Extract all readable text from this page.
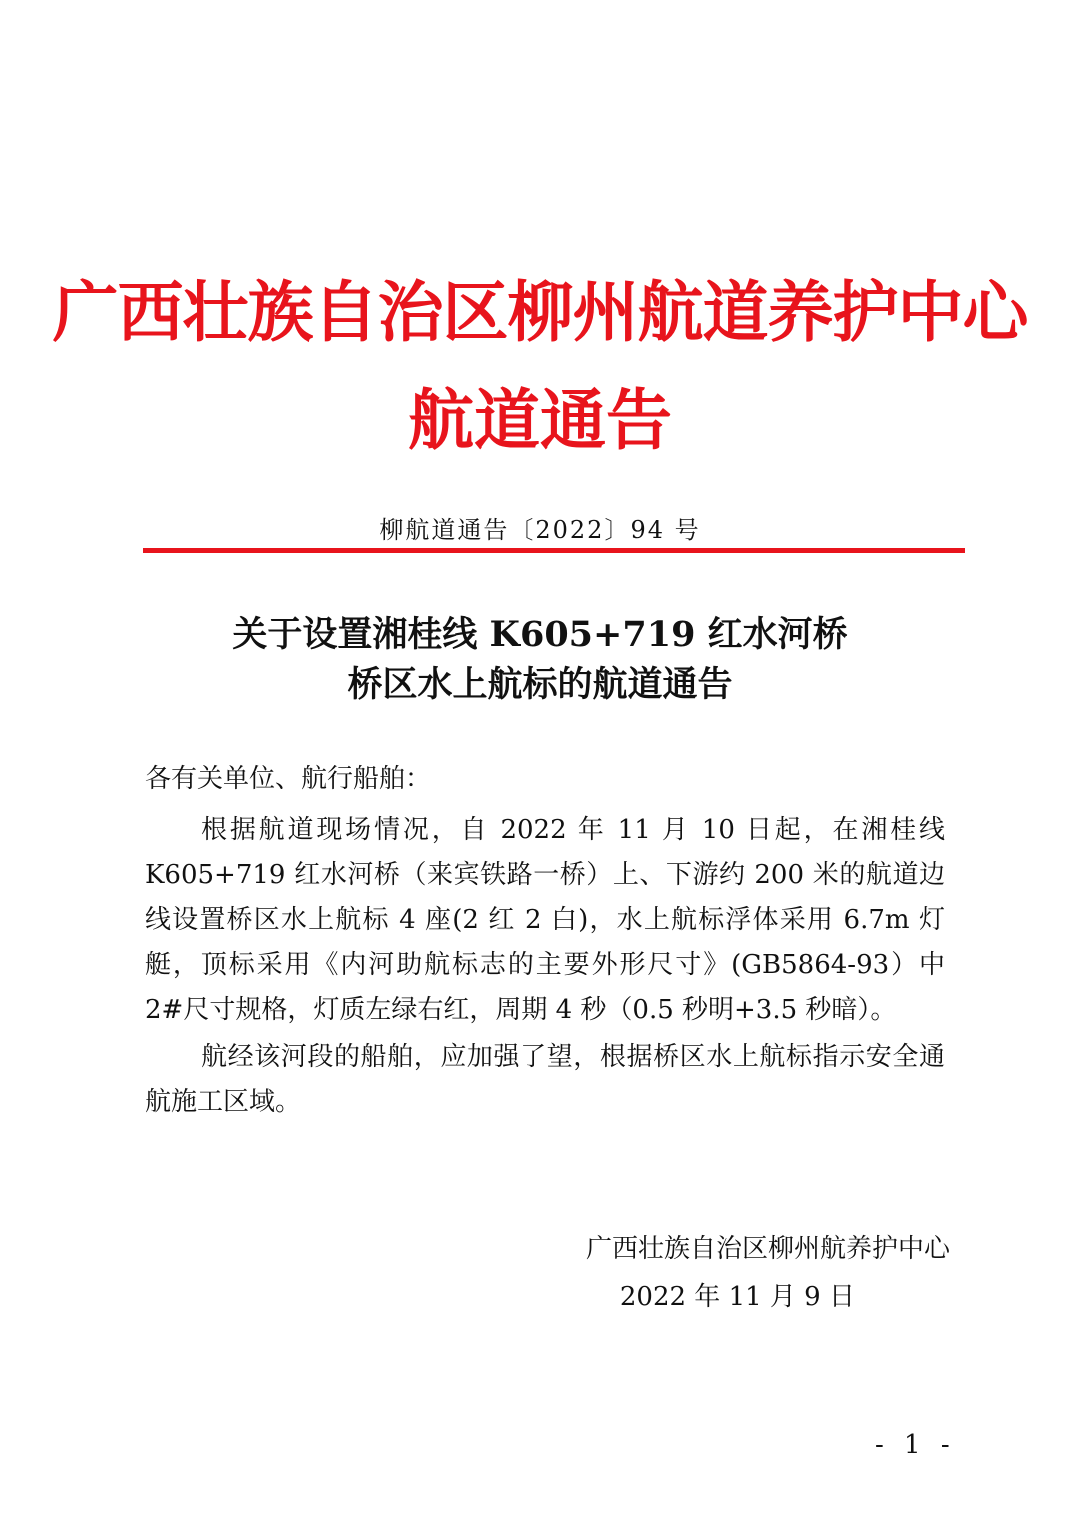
广西壮族自治区柳州航道养护中心
航道通告
柳航道通告〔2022〕94 号
关于设置湘桂线 K605+719 红水河桥
桥区水上航标的航道通告
各有关单位、航行船舶：
根据航道现场情况，自 2022 年 11 月 10 日起，在湘桂线K605+719 红水河桥（来宾铁路一桥）上、下游约 200 米的航道边线设置桥区水上航标 4 座(2 红 2 白)，水上航标浮体采用 6.7m 灯艇，顶标采用《内河助航标志的主要外形尺寸》(GB5864-93）中 2#尺寸规格，灯质左绿右红，周期 4 秒（0.5 秒明+3.5 秒暗）。
航经该河段的船舶，应加强了望，根据桥区水上航标指示安全通航施工区域。
广西壮族自治区柳州航养护中心
2022 年 11 月 9 日
- 1 -
